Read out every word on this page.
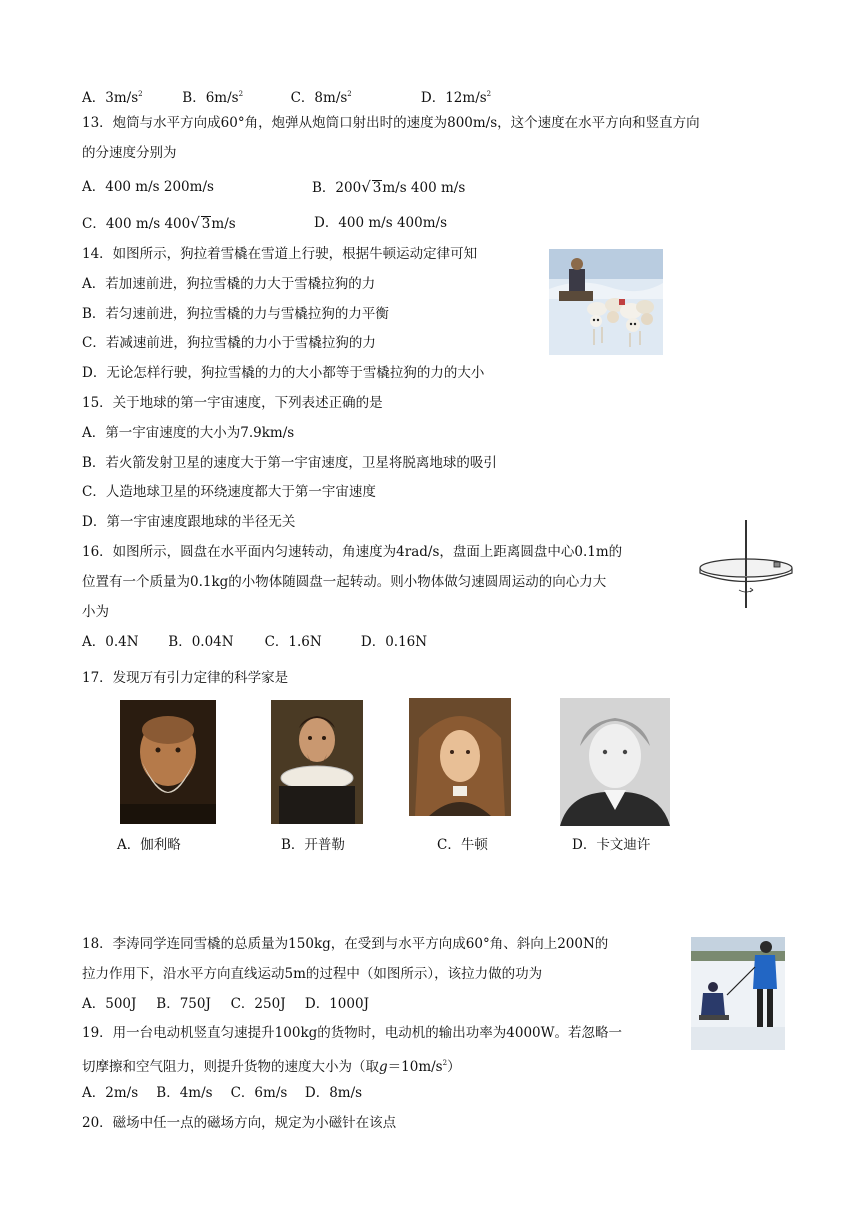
A．$3m/s^2$	B．$6m/s^2$	C．$8m/s^2$	D．$12m/s^2$
13．炮筒与水平方向成60°角，炮弹从炮筒口射出时的速度为800m/s，这个速度在水平方向和竖直方向
的分速度分别为
A．400 m/s 200m/s	B．200√ 3m/s 400 m/s
C．400 m/s 400√ 3m/s	D．400 m/s 400m/s
14．如图所示，狗拉着雪橇在雪道上行驶，根据牛顿运动定律可知
A．若加速前进，狗拉雪橇的力大于雪橇拉狗的力
B．若匀速前进，狗拉雪橇的力与雪橇拉狗的力平衡
C．若减速前进，狗拉雪橇的力小于雪橇拉狗的力
D．无论怎样行驶，狗拉雪橇的力的大小都等于雪橇拉狗的力的大小
15．关于地球的第一宇宙速度，下列表述正确的是
A．第一宇宙速度的大小为7.9km/s
B．若火箭发射卫星的速度大于第一宇宙速度，卫星将脱离地球的吸引
C．人造地球卫星的环绕速度都大于第一宇宙速度
D．第一宇宙速度跟地球的半径无关
16．如图所示，圆盘在水平面内匀速转动，角速度为4rad/s，盘面上距离圆盘中心0.1m的
位置有一个质量为0.1kg的小物体随圆盘一起转动。则小物体做匀速圆周运动的向心力大
小为
A．0.4N B．0.04N C．1.6N	D．0.16N
17．发现万有引力定律的科学家是
A．伽利略	B．开普勒	C．牛顿	D．卡文迪许
18．李涛同学连同雪橇的总质量为150kg，在受到与水平方向成60°角、斜向上200N的
拉力作用下，沿水平方向直线运动5m的过程中（如图所示），该拉力做的功为
A．500J B．750J C．250J D．1000J
19．用一台电动机竖直匀速提升100kg的货物时，电动机的输出功率为4000W。若忽略一
切摩擦和空气阻力，则提升货物的速度大小为（取$g=10m/s^2$）
A．2m/s B．4m/s C．6m/s D．8m/s
20．磁场中任一点的磁场方向，规定为小磁针在该点
